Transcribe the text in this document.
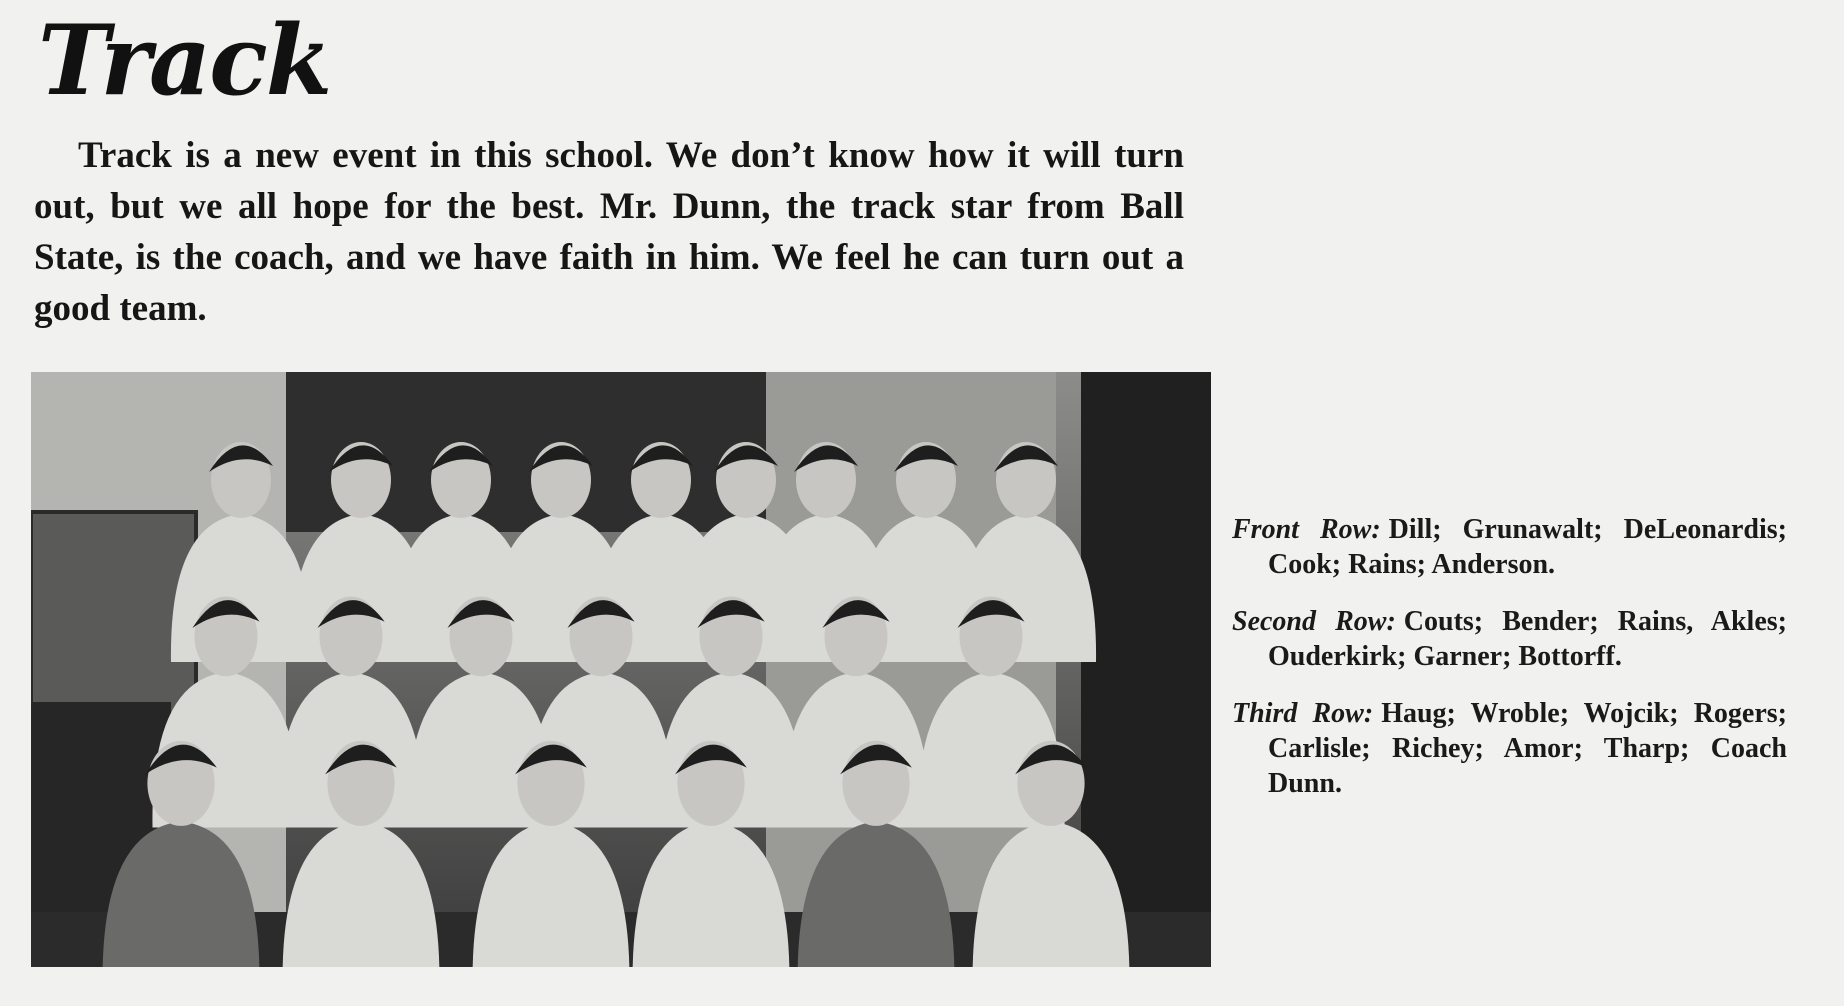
Track

Track is a new event in this school. We don’t know how it will turn out, but we all hope for the best. Mr. Dunn, the track star from Ball State, is the coach, and we have faith in him. We feel he can turn out a good team.

Front Row: Dill; Grunawalt; DeLeonardis; Cook; Rains; Anderson.

Second Row: Couts; Bender; Rains, Akles; Ouderkirk; Garner; Bottorff.

Third Row: Haug; Wroble; Wojcik; Rogers; Carlisle; Richey; Amor; Tharp; Coach Dunn.
